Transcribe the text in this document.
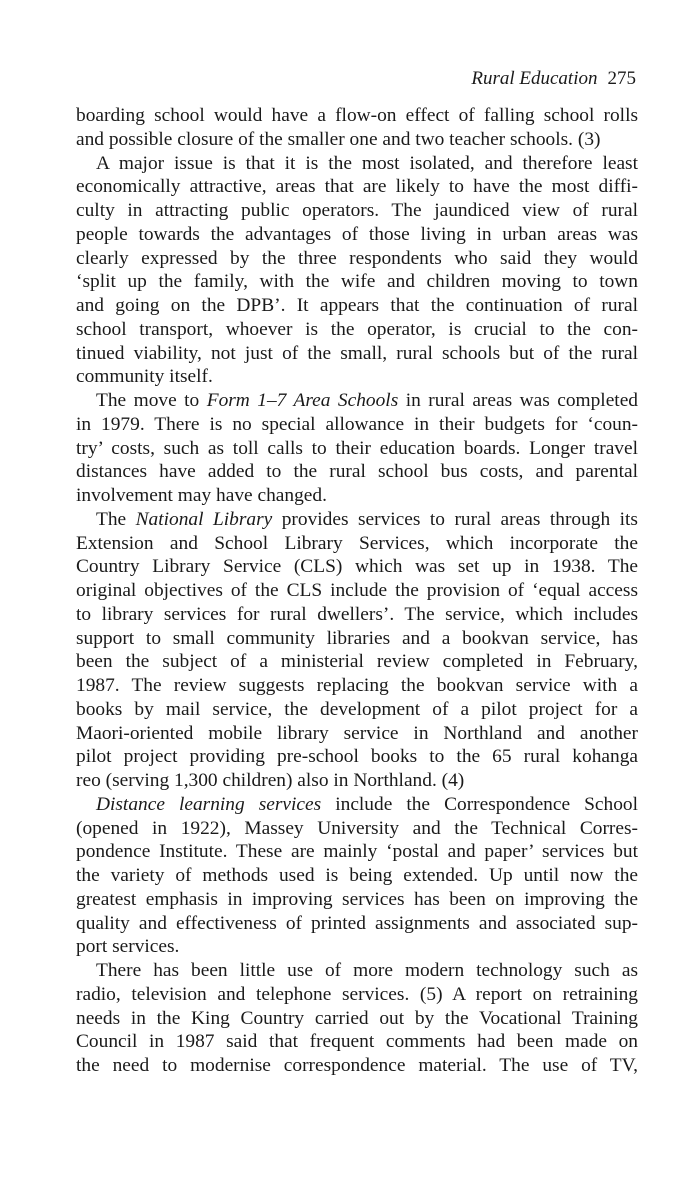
Rural Education 275
boarding school would have a flow-on effect of falling school rolls
and possible closure of the smaller one and two teacher schools. (3)
A major issue is that it is the most isolated, and therefore least
economically attractive, areas that are likely to have the most diffi-
culty in attracting public operators. The jaundiced view of rural
people towards the advantages of those living in urban areas was
clearly expressed by the three respondents who said they would
‘split up the family, with the wife and children moving to town
and going on the DPB’. It appears that the continuation of rural
school transport, whoever is the operator, is crucial to the con-
tinued viability, not just of the small, rural schools but of the rural
community itself.
The move to Form 1–7 Area Schools in rural areas was completed
in 1979. There is no special allowance in their budgets for ‘coun-
try’ costs, such as toll calls to their education boards. Longer travel
distances have added to the rural school bus costs, and parental
involvement may have changed.
The National Library provides services to rural areas through its
Extension and School Library Services, which incorporate the
Country Library Service (CLS) which was set up in 1938. The
original objectives of the CLS include the provision of ‘equal access
to library services for rural dwellers’. The service, which includes
support to small community libraries and a bookvan service, has
been the subject of a ministerial review completed in February,
1987. The review suggests replacing the bookvan service with a
books by mail service, the development of a pilot project for a
Maori-oriented mobile library service in Northland and another
pilot project providing pre-school books to the 65 rural kohanga
reo (serving 1,300 children) also in Northland. (4)
Distance learning services include the Correspondence School
(opened in 1922), Massey University and the Technical Corres-
pondence Institute. These are mainly ‘postal and paper’ services but
the variety of methods used is being extended. Up until now the
greatest emphasis in improving services has been on improving the
quality and effectiveness of printed assignments and associated sup-
port services.
There has been little use of more modern technology such as
radio, television and telephone services. (5) A report on retraining
needs in the King Country carried out by the Vocational Training
Council in 1987 said that frequent comments had been made on
the need to modernise correspondence material. The use of TV,
